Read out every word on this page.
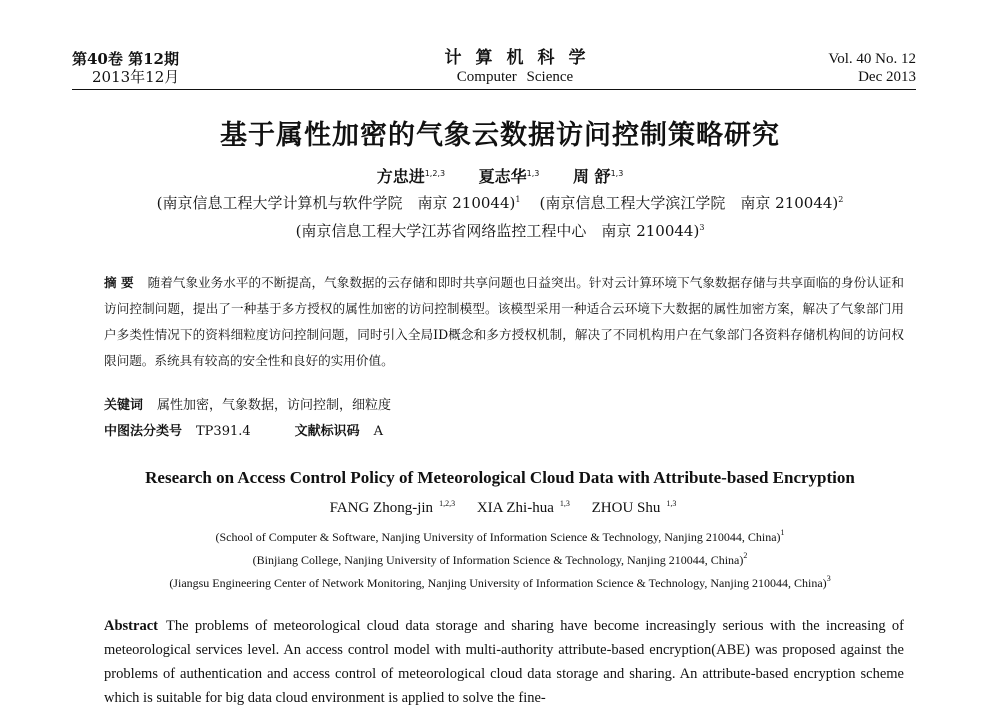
第40卷 第12期
2013年12月
计算机科学
Computer Science
Vol. 40 No. 12
Dec 2013
基于属性加密的气象云数据访问控制策略研究
方忠进$^{1,2,3}$ 夏志华$^{1,3}$ 周 舒$^{1,3}$
(南京信息工程大学计算机与软件学院　南京 210044)$^1$ (南京信息工程大学滨江学院　南京 210044)$^2$
(南京信息工程大学江苏省网络监控工程中心　南京 210044)$^3$
摘 要 随着气象业务水平的不断提高，气象数据的云存储和即时共享问题也日益突出。针对云计算环境下气象数据存储与共享面临的身份认证和访问控制问题，提出了一种基于多方授权的属性加密的访问控制模型。该模型采用一种适合云环境下大数据的属性加密方案，解决了气象部门用户多类性情况下的资料细粒度访问控制问题，同时引入全局ID概念和多方授权机制，解决了不同机构用户在气象部门各资料存储机构间的访问权限问题。系统具有较高的安全性和良好的实用价值。
关键词 属性加密，气象数据，访问控制，细粒度
中图法分类号 TP391.4	文献标识码 A
Research on Access Control Policy of Meteorological Cloud Data with Attribute-based Encryption
FANG Zhong-jin $^{1,2,3}$ XIA Zhi-hua $^{1,3}$ ZHOU Shu $^{1,3}$
(School of Computer & Software, Nanjing University of Information Science & Technology, Nanjing 210044, China)$^1$
(Binjiang College, Nanjing University of Information Science & Technology, Nanjing 210044, China)$^2$
(Jiangsu Engineering Center of Network Monitoring, Nanjing University of Information Science & Technology, Nanjing 210044, China)$^3$
Abstract The problems of meteorological cloud data storage and sharing have become increasingly serious with the increasing of meteorological services level. An access control model with multi-authority attribute-based encryption(ABE) was proposed against the problems of authentication and access control of meteorological cloud data storage and sharing. An attribute-based encryption scheme which is suitable for big data cloud environment is applied to solve the fine-
